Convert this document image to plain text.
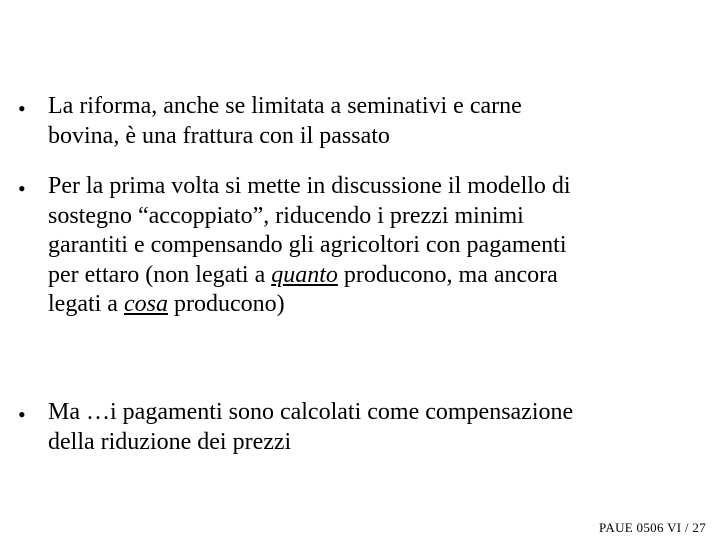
• La riforma, anche se limitata a seminativi e carne
bovina, è una frattura con il passato
• Per la prima volta si mette in discussione il modello di
sostegno “accoppiato”, riducendo i prezzi minimi
garantiti e compensando gli agricoltori con pagamenti
per ettaro (non legati a quanto producono, ma ancora
legati a cosa producono)
• Ma …i pagamenti sono calcolati come compensazione
della riduzione dei prezzi
PAUE 0506 VI / 27
